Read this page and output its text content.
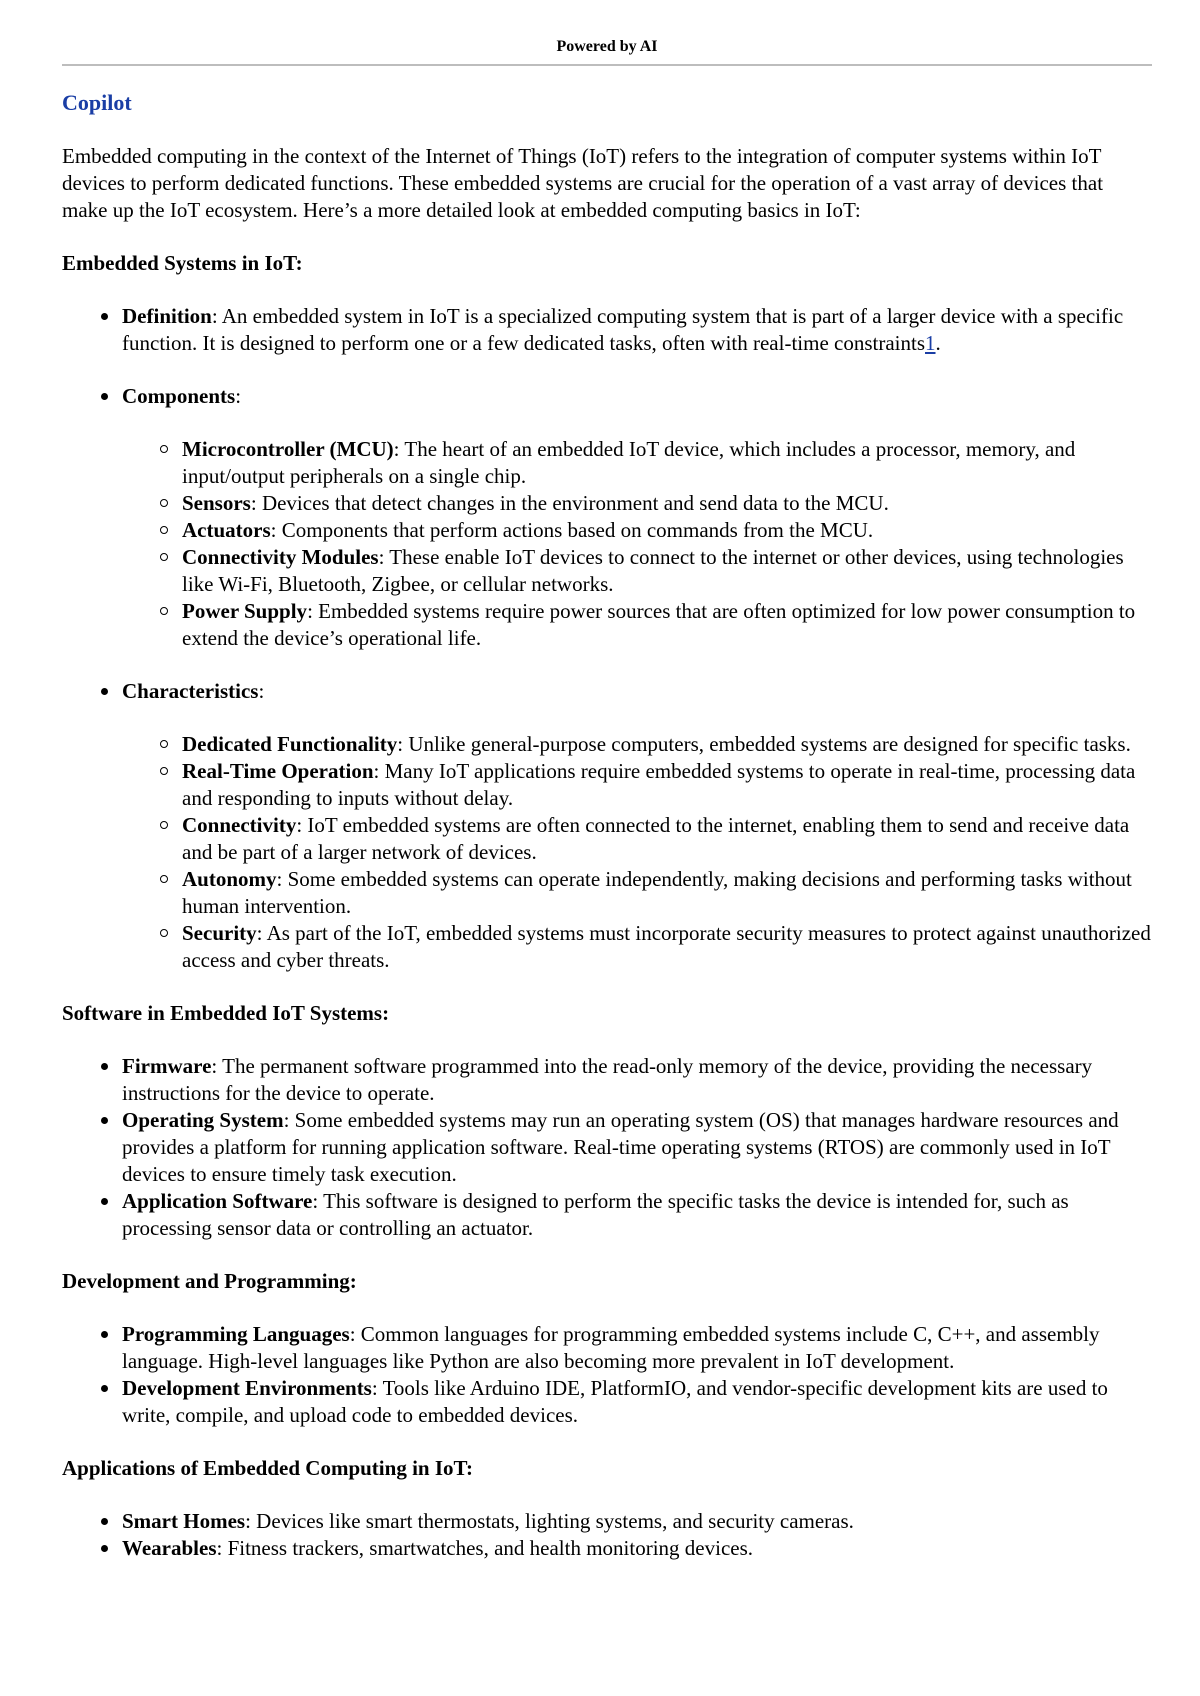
Powered by AI
Copilot

Embedded computing in the context of the Internet of Things (IoT) refers to the integration of computer systems within IoT devices to perform dedicated functions. These embedded systems are crucial for the operation of a vast array of devices that make up the IoT ecosystem. Here’s a more detailed look at embedded computing basics in IoT:

Embedded Systems in IoT:

Definition: An embedded system in IoT is a specialized computing system that is part of a larger device with a specific function. It is designed to perform one or a few dedicated tasks, often with real-time constraints1.
Components:
Microcontroller (MCU): The heart of an embedded IoT device, which includes a processor, memory, and input/output peripherals on a single chip.
Sensors: Devices that detect changes in the environment and send data to the MCU.
Actuators: Components that perform actions based on commands from the MCU.
Connectivity Modules: These enable IoT devices to connect to the internet or other devices, using technologies like Wi-Fi, Bluetooth, Zigbee, or cellular networks.
Power Supply: Embedded systems require power sources that are often optimized for low power consumption to extend the device’s operational life.
Characteristics:
Dedicated Functionality: Unlike general-purpose computers, embedded systems are designed for specific tasks.
Real-Time Operation: Many IoT applications require embedded systems to operate in real-time, processing data and responding to inputs without delay.
Connectivity: IoT embedded systems are often connected to the internet, enabling them to send and receive data and be part of a larger network of devices.
Autonomy: Some embedded systems can operate independently, making decisions and performing tasks without human intervention.
Security: As part of the IoT, embedded systems must incorporate security measures to protect against unauthorized access and cyber threats.

Software in Embedded IoT Systems:

Firmware: The permanent software programmed into the read-only memory of the device, providing the necessary instructions for the device to operate.
Operating System: Some embedded systems may run an operating system (OS) that manages hardware resources and provides a platform for running application software. Real-time operating systems (RTOS) are commonly used in IoT devices to ensure timely task execution.
Application Software: This software is designed to perform the specific tasks the device is intended for, such as processing sensor data or controlling an actuator.

Development and Programming:

Programming Languages: Common languages for programming embedded systems include C, C++, and assembly language. High-level languages like Python are also becoming more prevalent in IoT development.
Development Environments: Tools like Arduino IDE, PlatformIO, and vendor-specific development kits are used to write, compile, and upload code to embedded devices.

Applications of Embedded Computing in IoT:

Smart Homes: Devices like smart thermostats, lighting systems, and security cameras.
Wearables: Fitness trackers, smartwatches, and health monitoring devices.
